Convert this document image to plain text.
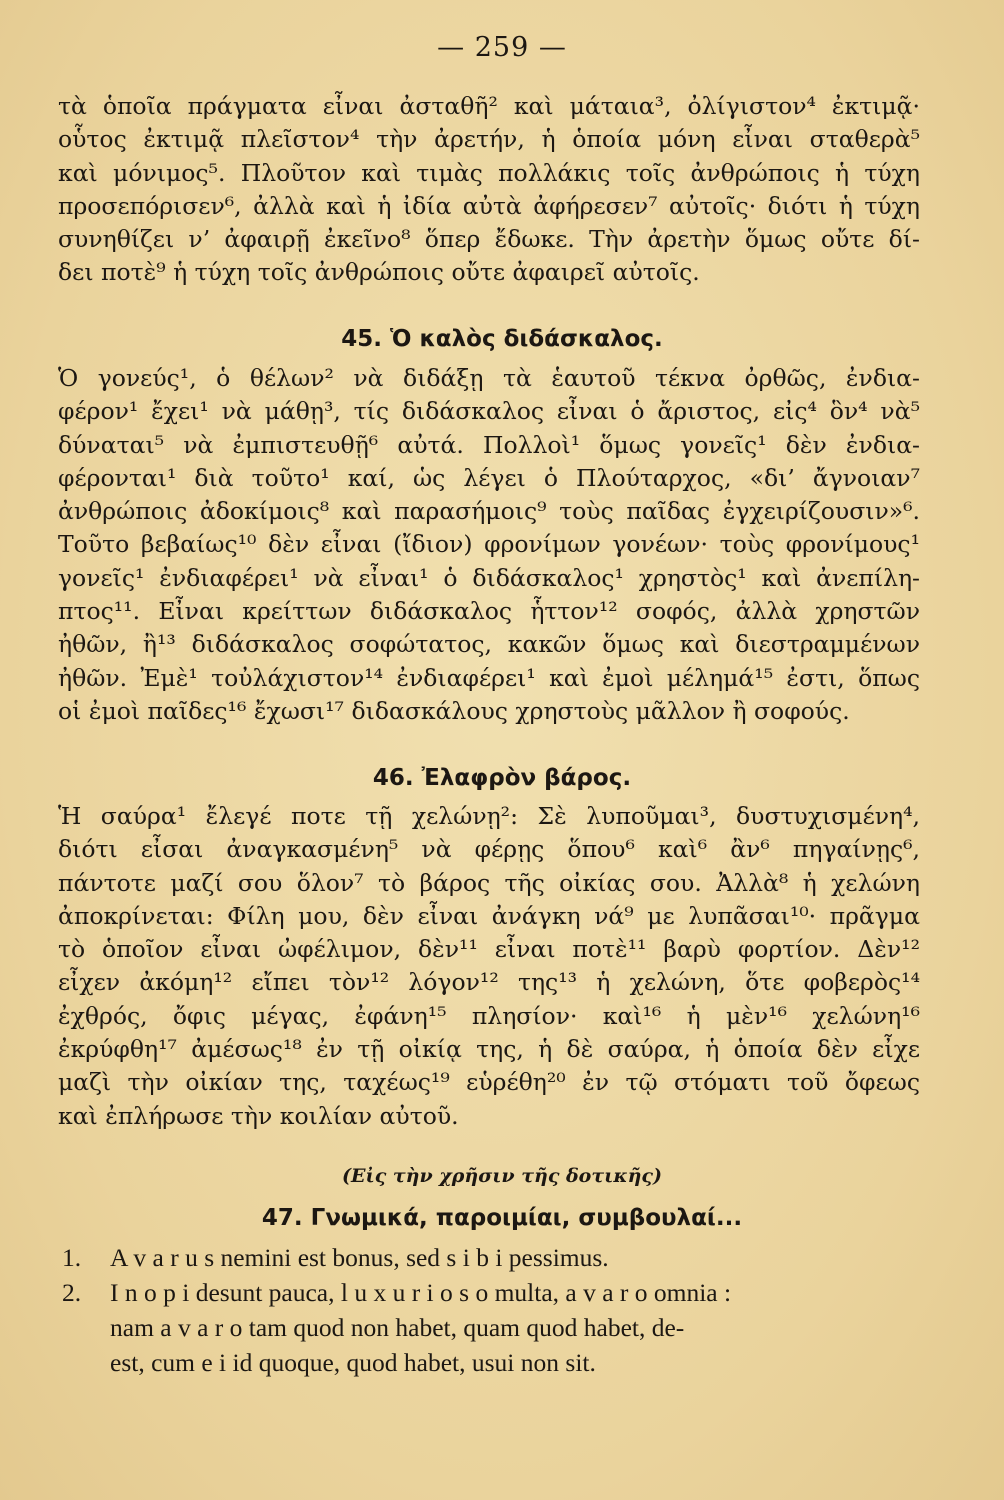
— 259 —
τὰ ὁποῖα πράγματα εἶναι ἀσταθῆ² καὶ μάταια³, ὀλίγιστον⁴ ἐκτιμᾷ·
οὗτος ἐκτιμᾷ πλεῖστον⁴ τὴν ἀρετήν, ἡ ὁποία μόνη εἶναι σταθερὰ⁵
καὶ μόνιμος⁵. Πλοῦτον καὶ τιμὰς πολλάκις τοῖς ἀνθρώποις ἡ τύχη
προσεπόρισεν⁶, ἀλλὰ καὶ ἡ ἰδία αὐτὰ ἀφήρεσεν⁷ αὐτοῖς· διότι ἡ τύχη
συνηθίζει ν’ ἀφαιρῇ ἐκεῖνο⁸ ὅπερ ἔδωκε. Τὴν ἀρετὴν ὅμως οὔτε δί-
δει ποτὲ⁹ ἡ τύχη τοῖς ἀνθρώποις οὔτε ἀφαιρεῖ αὐτοῖς.
45. Ὁ καλὸς διδάσκαλος.
Ὁ γονεύς¹, ὁ θέλων² νὰ διδάξῃ τὰ ἑαυτοῦ τέκνα ὀρθῶς, ἐνδια-
φέρον¹ ἔχει¹ νὰ μάθῃ³, τίς διδάσκαλος εἶναι ὁ ἄριστος, εἰς⁴ ὃν⁴ νὰ⁵
δύναται⁵ νὰ ἐμπιστευθῇ⁶ αὐτά. Πολλοὶ¹ ὅμως γονεῖς¹ δὲν ἐνδια-
φέρονται¹ διὰ τοῦτο¹ καί, ὡς λέγει ὁ Πλούταρχος, «δι’ ἄγνοιαν⁷
ἀνθρώποις ἀδοκίμοις⁸ καὶ παρασήμοις⁹ τοὺς παῖδας ἐγχειρίζουσιν»⁶.
Τοῦτο βεβαίως¹⁰ δὲν εἶναι (ἴδιον) φρονίμων γονέων· τοὺς φρονίμους¹
γονεῖς¹ ἐνδιαφέρει¹ νὰ εἶναι¹ ὁ διδάσκαλος¹ χρηστὸς¹ καὶ ἀνεπίλη-
πτος¹¹. Εἶναι κρείττων διδάσκαλος ἧττον¹² σοφός, ἀλλὰ χρηστῶν
ἠθῶν, ἢ¹³ διδάσκαλος σοφώτατος, κακῶν ὅμως καὶ διεστραμμένων
ἠθῶν. Ἐμὲ¹ τοὐλάχιστον¹⁴ ἐνδιαφέρει¹ καὶ ἐμοὶ μέλημά¹⁵ ἐστι, ὅπως
οἱ ἐμοὶ παῖδες¹⁶ ἔχωσι¹⁷ διδασκάλους χρηστοὺς μᾶλλον ἢ σοφούς.
46. Ἐλαφρὸν βάρος.
Ἡ σαύρα¹ ἔλεγέ ποτε τῇ χελώνῃ²: Σὲ λυποῦμαι³, δυστυχισμένη⁴,
διότι εἶσαι ἀναγκασμένη⁵ νὰ φέρῃς ὅπου⁶ καὶ⁶ ἂν⁶ πηγαίνῃς⁶,
πάντοτε μαζί σου ὅλον⁷ τὸ βάρος τῆς οἰκίας σου. Ἀλλὰ⁸ ἡ χελώνη
ἀποκρίνεται: Φίλη μου, δὲν εἶναι ἀνάγκη νά⁹ με λυπᾶσαι¹⁰· πρᾶγμα
τὸ ὁποῖον εἶναι ὠφέλιμον, δὲν¹¹ εἶναι ποτὲ¹¹ βαρὺ φορτίον. Δὲν¹²
εἶχεν ἀκόμη¹² εἴπει τὸν¹² λόγον¹² της¹³ ἡ χελώνη, ὅτε φοβερὸς¹⁴
ἐχθρός, ὄφις μέγας, ἐφάνη¹⁵ πλησίον· καὶ¹⁶ ἡ μὲν¹⁶ χελώνη¹⁶
ἐκρύφθη¹⁷ ἀμέσως¹⁸ ἐν τῇ οἰκίᾳ της, ἡ δὲ σαύρα, ἡ ὁποία δὲν εἶχε
μαζὶ τὴν οἰκίαν της, ταχέως¹⁹ εὑρέθη²⁰ ἐν τῷ στόματι τοῦ ὄφεως
καὶ ἐπλήρωσε τὴν κοιλίαν αὐτοῦ.
(Εἰς τὴν χρῆσιν τῆς δοτικῆς)
47. Γνωμικά, παροιμίαι, συμβουλαί...
1.	A v a r u s nemini est bonus, sed s i b i pessimus.
2.	I n o p i desunt pauca, l u x u r i o s o multa, a v a r o omnia :
nam a v a r o tam quod non habet, quam quod habet, de-
est, cum e i id quoque, quod habet, usui non sit.
